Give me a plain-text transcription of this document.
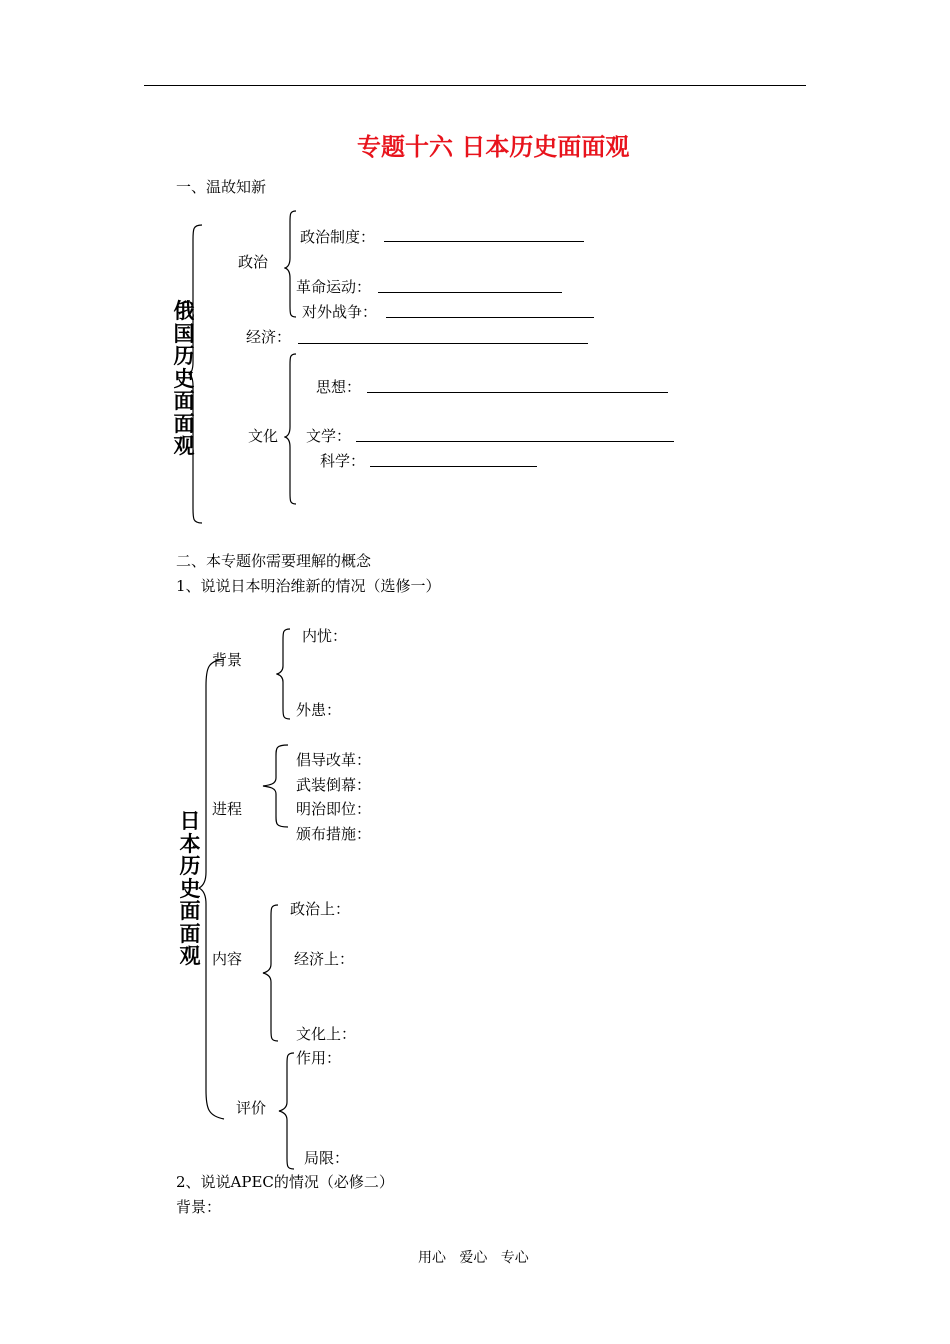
专题十六 日本历史面面观
一、温故知新
俄
国
历
史
面
面
观
政治
政治制度：
革命运动：
对外战争：
经济：
文化
思想：
文学：
科学：
二、本专题你需要理解的概念
1、说说日本明治维新的情况（选修一）
日
本
历
史
面
面
观
背景
内忧：
外患：
进程
倡导改革：
武装倒幕：
明治即位：
颁布措施：
内容
政治上：
经济上：
文化上：
评价
作用：
局限：
2、说说APEC的情况（必修二）
背景：
用心   爱心   专心
